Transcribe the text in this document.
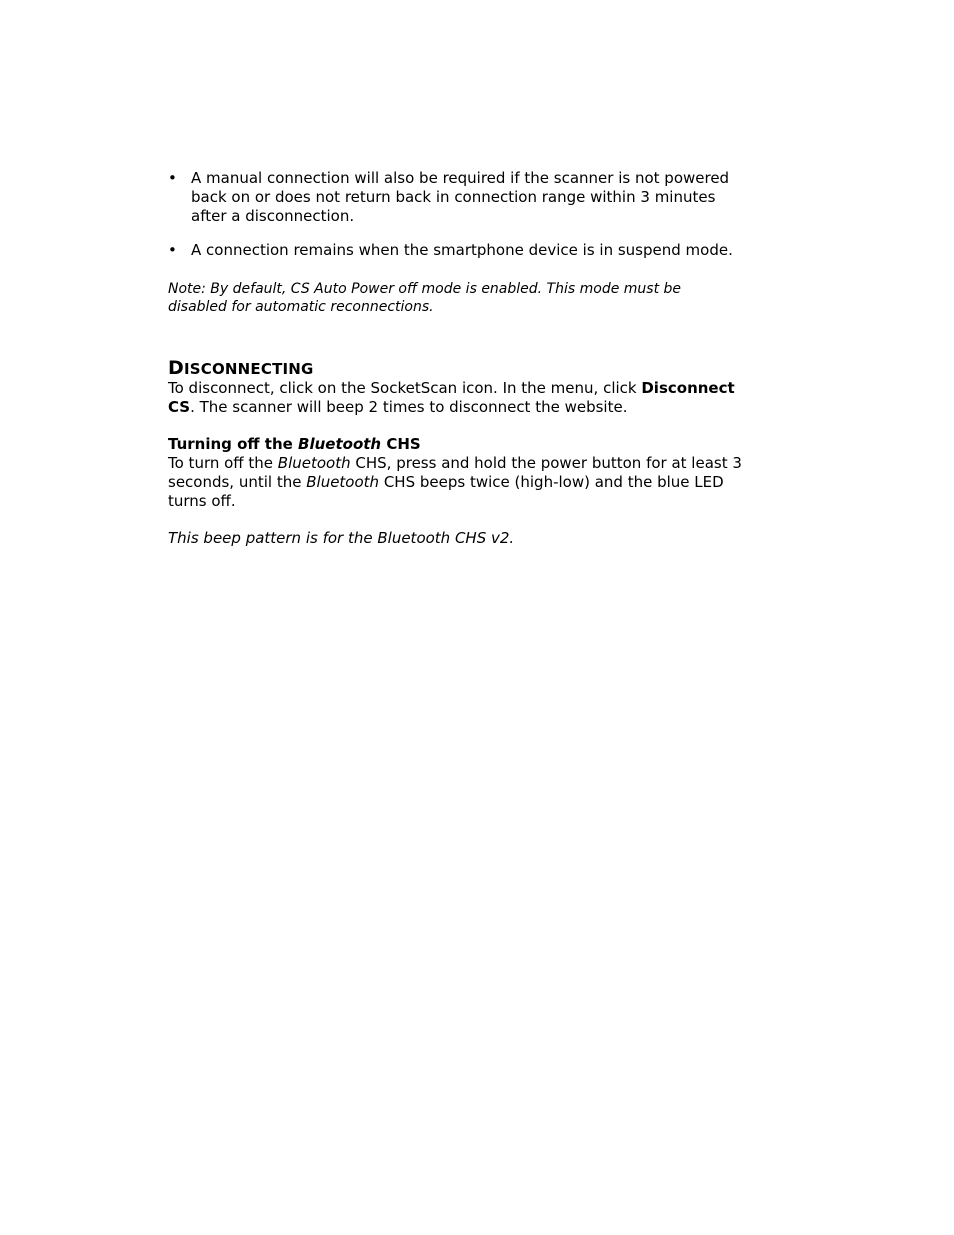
• A manual connection will also be required if the scanner is not powered back on or does not return back in connection range within 3 minutes after a disconnection.
• A connection remains when the smartphone device is in suspend mode.

Note: By default, CS Auto Power off mode is enabled. This mode must be disabled for automatic reconnections.

DISCONNECTING

To disconnect, click on the SocketScan icon. In the menu, click Disconnect CS. The scanner will beep 2 times to disconnect the website.

Turning off the Bluetooth CHS

To turn off the Bluetooth CHS, press and hold the power button for at least 3 seconds, until the Bluetooth CHS beeps twice (high-low) and the blue LED turns off.

This beep pattern is for the Bluetooth CHS v2.
